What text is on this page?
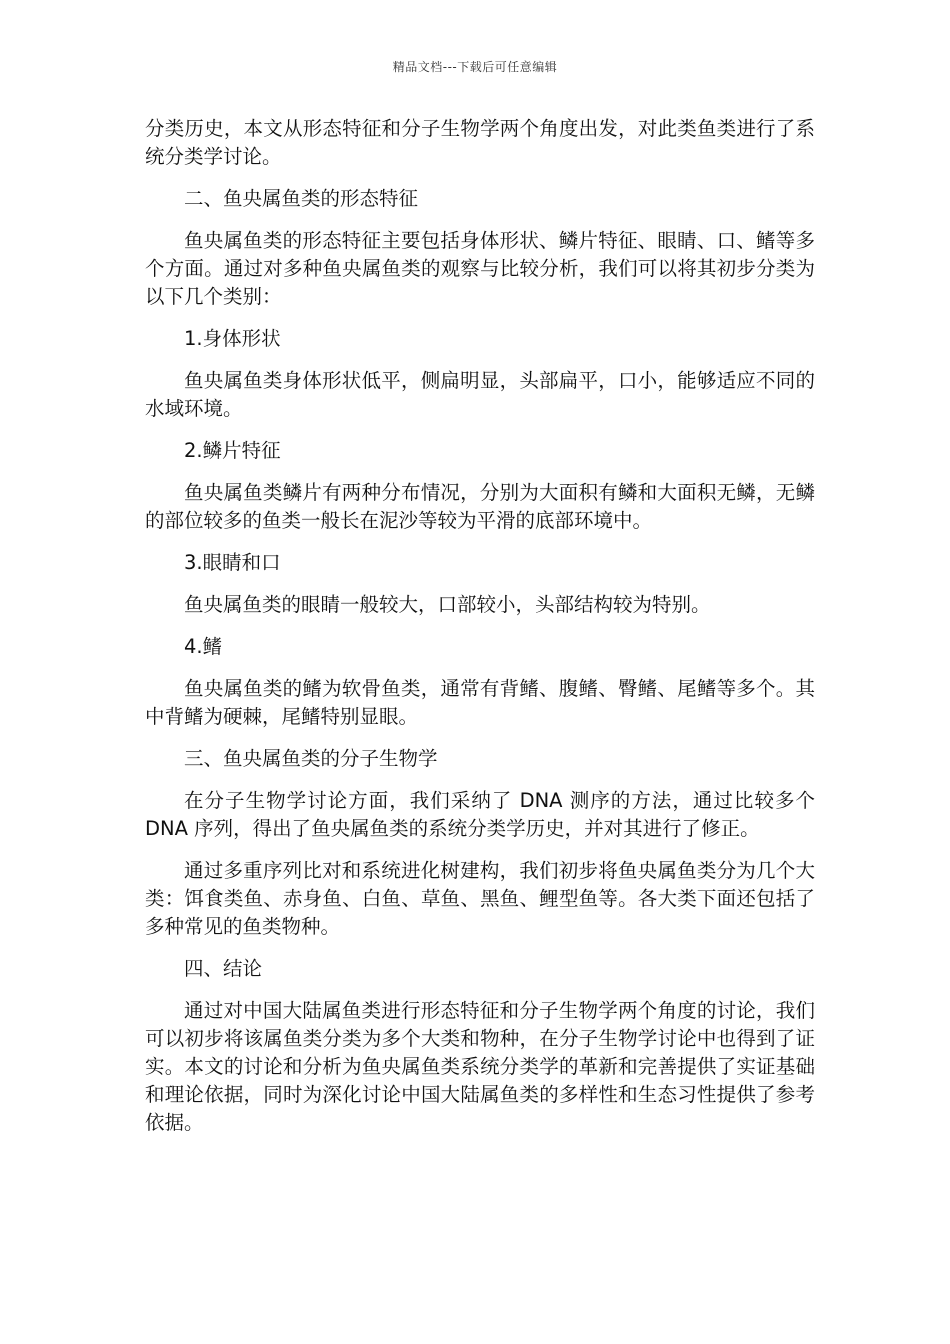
精品文档---下载后可任意编辑

分类历史，本文从形态特征和分子生物学两个角度出发，对此类鱼类进行了系统分类学讨论。

二、鱼央属鱼类的形态特征

鱼央属鱼类的形态特征主要包括身体形状、鳞片特征、眼睛、口、鳍等多个方面。通过对多种鱼央属鱼类的观察与比较分析，我们可以将其初步分类为以下几个类别：

1.身体形状

鱼央属鱼类身体形状低平，侧扁明显，头部扁平，口小，能够适应不同的水域环境。

2.鳞片特征

鱼央属鱼类鳞片有两种分布情况，分别为大面积有鳞和大面积无鳞，无鳞的部位较多的鱼类一般长在泥沙等较为平滑的底部环境中。

3.眼睛和口

鱼央属鱼类的眼睛一般较大，口部较小，头部结构较为特别。

4.鳍

鱼央属鱼类的鳍为软骨鱼类，通常有背鳍、腹鳍、臀鳍、尾鳍等多个。其中背鳍为硬棘，尾鳍特别显眼。

三、鱼央属鱼类的分子生物学

在分子生物学讨论方面，我们采纳了 DNA 测序的方法，通过比较多个 DNA 序列，得出了鱼央属鱼类的系统分类学历史，并对其进行了修正。

通过多重序列比对和系统进化树建构，我们初步将鱼央属鱼类分为几个大类：饵食类鱼、赤身鱼、白鱼、草鱼、黑鱼、鲤型鱼等。各大类下面还包括了多种常见的鱼类物种。

四、结论

通过对中国大陆属鱼类进行形态特征和分子生物学两个角度的讨论，我们可以初步将该属鱼类分类为多个大类和物种，在分子生物学讨论中也得到了证实。本文的讨论和分析为鱼央属鱼类系统分类学的革新和完善提供了实证基础和理论依据，同时为深化讨论中国大陆属鱼类的多样性和生态习性提供了参考依据。
